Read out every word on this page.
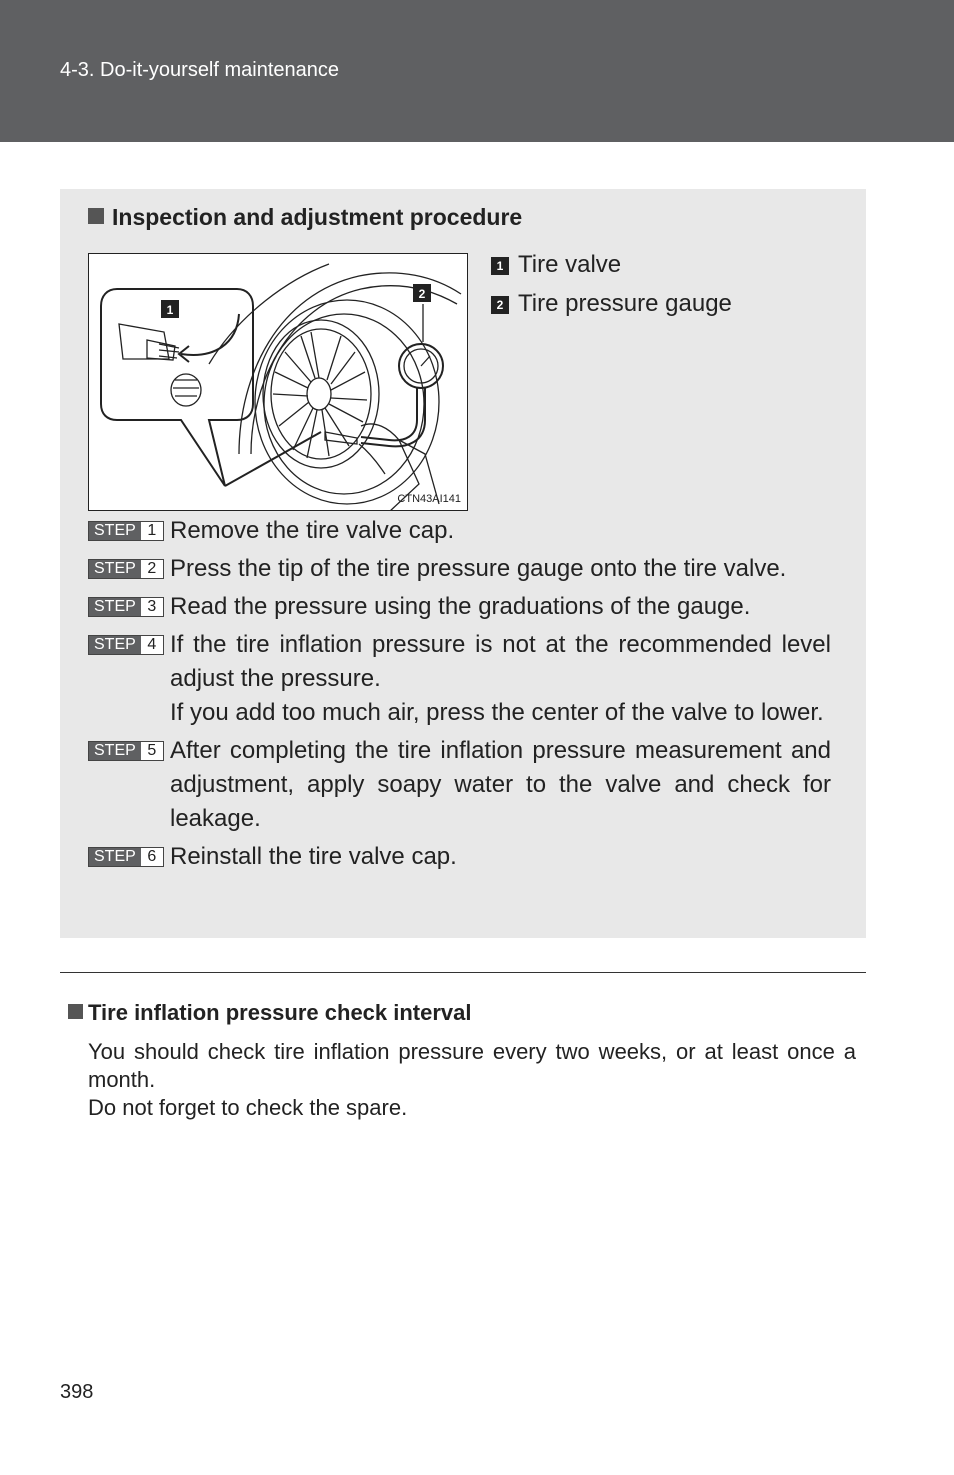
4-3. Do-it-yourself maintenance
Inspection and adjustment procedure
1
2
CTN43AI141
1 Tire valve
2 Tire pressure gauge
STEP 1 Remove the tire valve cap.

STEP 2 Press the tip of the tire pressure gauge onto the tire valve.

STEP 3 Read the pressure using the graduations of the gauge.

STEP 4 If the tire inflation pressure is not at the recommended level adjust the pressure.

If you add too much air, press the center of the valve to lower.

STEP 5 After completing the tire inflation pressure measurement and adjustment, apply soapy water to the valve and check for leakage.

STEP 6 Reinstall the tire valve cap.

Tire inflation pressure check interval

You should check tire inflation pressure every two weeks, or at least once a month.

Do not forget to check the spare.

398
